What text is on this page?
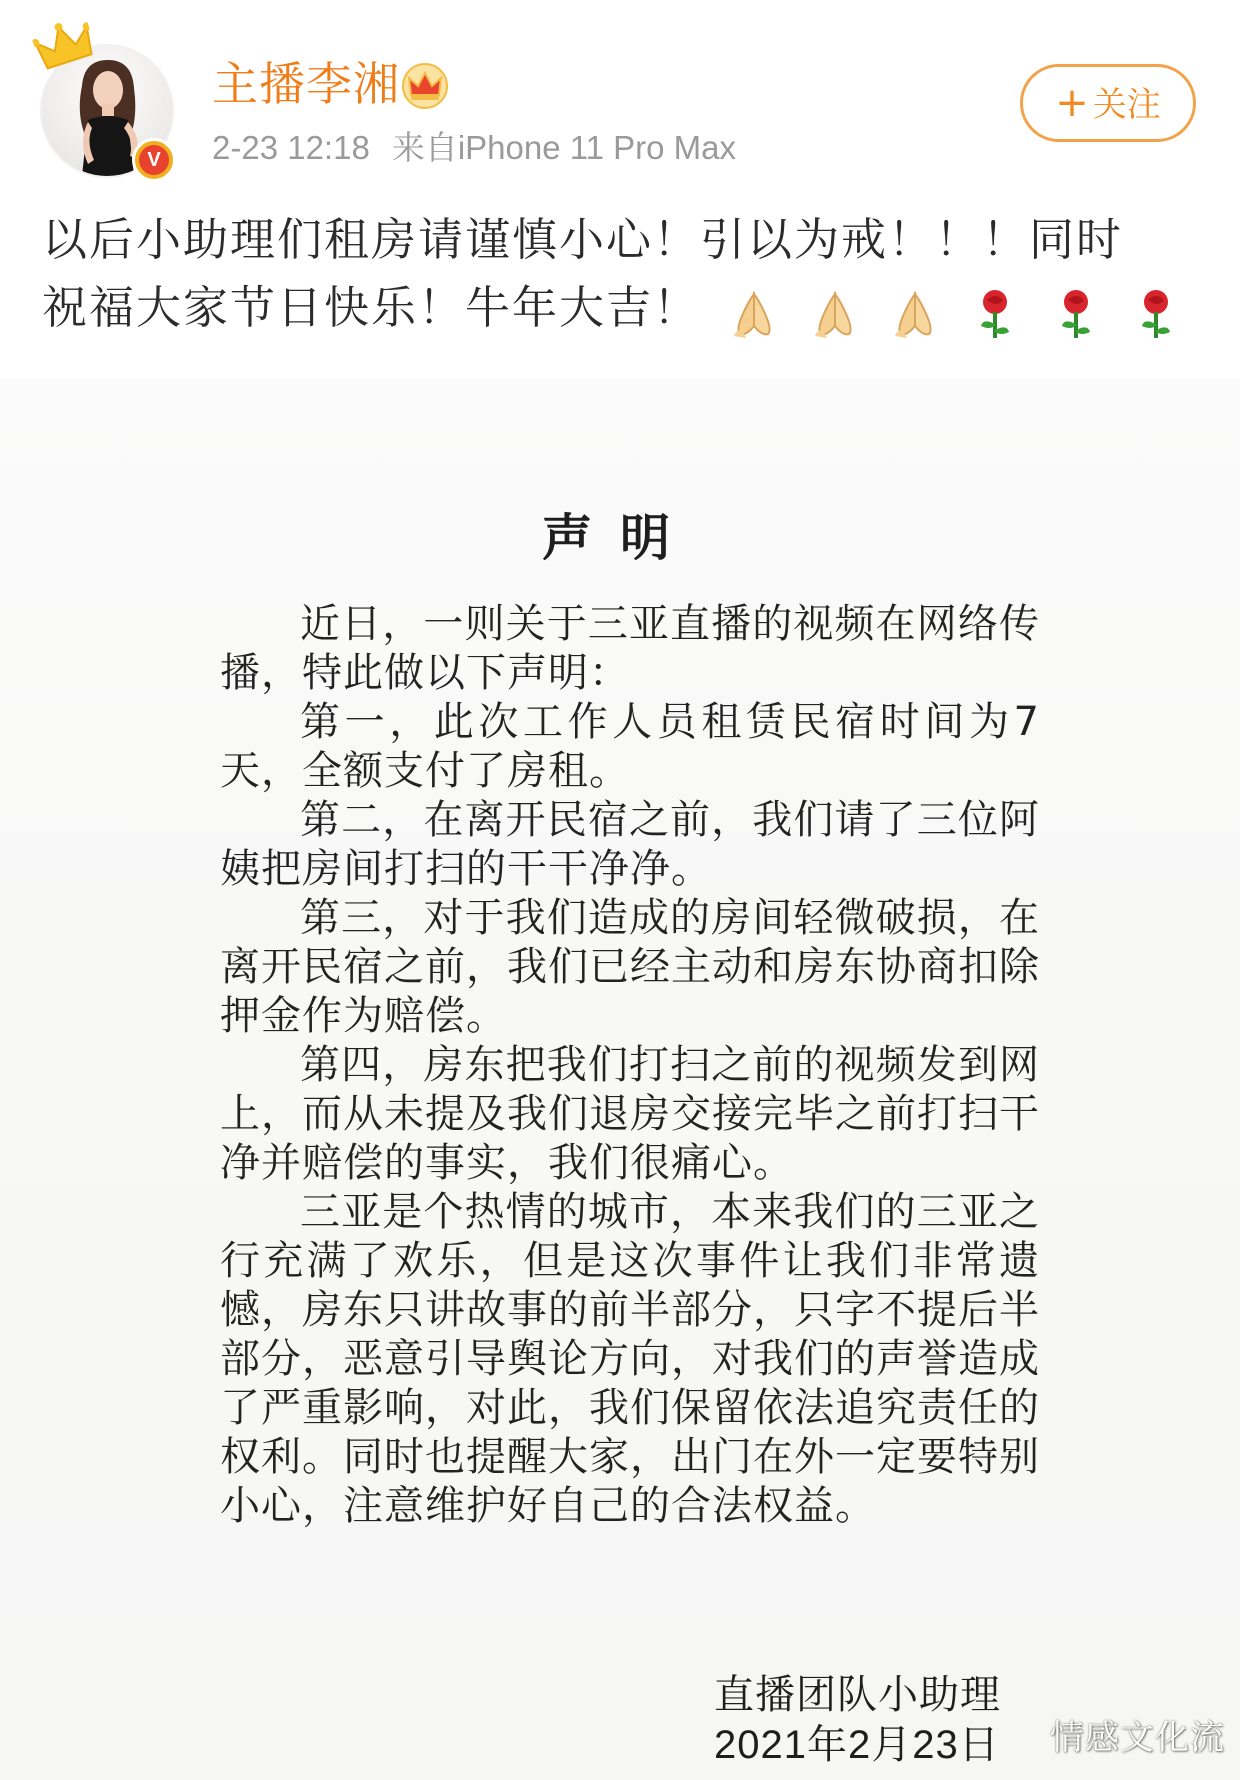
V
主播李湘
2-23 12:18 来自iPhone 11 Pro Max
+ 关注
以后小助理们租房请谨慎小心！引以为戒！！！同时
祝福大家节日快乐！牛年大吉！
声明

近日，一则关于三亚直播的视频在网络传播，特此做以下声明：

第一，此次工作人员租赁民宿时间为7天，全额支付了房租。

第二，在离开民宿之前，我们请了三位阿姨把房间打扫的干干净净。

第三，对于我们造成的房间轻微破损，在离开民宿之前，我们已经主动和房东协商扣除押金作为赔偿。

第四，房东把我们打扫之前的视频发到网上，而从未提及我们退房交接完毕之前打扫干净并赔偿的事实，我们很痛心。

三亚是个热情的城市，本来我们的三亚之行充满了欢乐，但是这次事件让我们非常遗憾，房东只讲故事的前半部分，只字不提后半部分，恶意引导舆论方向，对我们的声誉造成了严重影响，对此，我们保留依法追究责任的权利。同时也提醒大家，出门在外一定要特别小心，注意维护好自己的合法权益。

直播团队小助理
2021年2月23日	情感文化流
